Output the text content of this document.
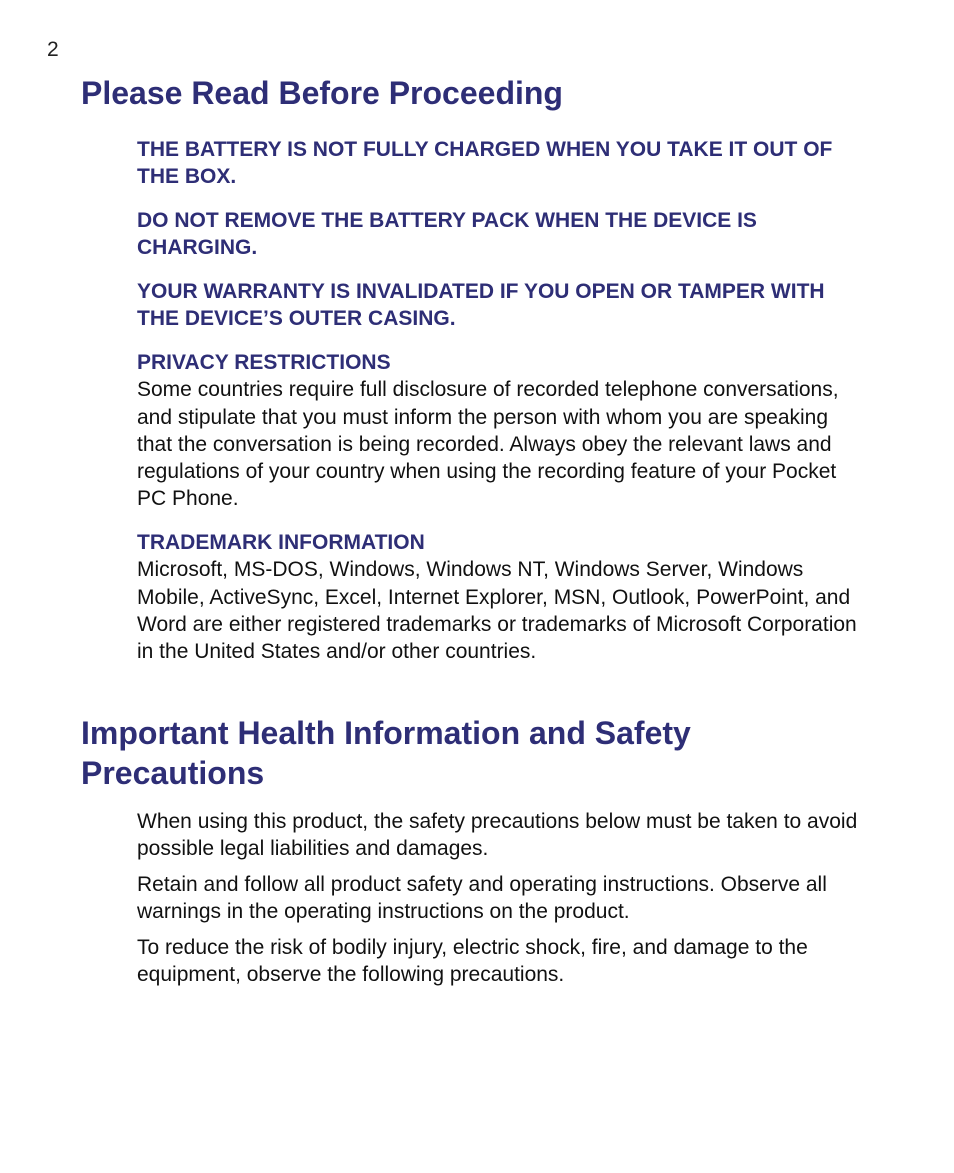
2
Please Read Before Proceeding

THE BATTERY IS NOT FULLY CHARGED WHEN YOU TAKE IT OUT OF THE BOX.

DO NOT REMOVE THE BATTERY PACK WHEN THE DEVICE IS CHARGING.

YOUR WARRANTY IS INVALIDATED IF YOU OPEN OR TAMPER WITH THE DEVICE’S OUTER CASING.

PRIVACY RESTRICTIONS

Some countries require full disclosure of recorded telephone conversations, and stipulate that you must inform the person with whom you are speaking that the conversation is being recorded. Always obey the relevant laws and regulations of your country when using the recording feature of your Pocket PC Phone.

TRADEMARK INFORMATION

Microsoft, MS-DOS, Windows, Windows NT, Windows Server, Windows Mobile, ActiveSync, Excel, Internet Explorer, MSN, Outlook, PowerPoint, and Word are either registered trademarks or trademarks of Microsoft Corporation in the United States and/or other countries.

Important Health Information and Safety Precautions

When using this product, the safety precautions below must be taken to avoid possible legal liabilities and damages.

Retain and follow all product safety and operating instructions. Observe all warnings in the operating instructions on the product.

To reduce the risk of bodily injury, electric shock, fire, and damage to the equipment, observe the following precautions.
